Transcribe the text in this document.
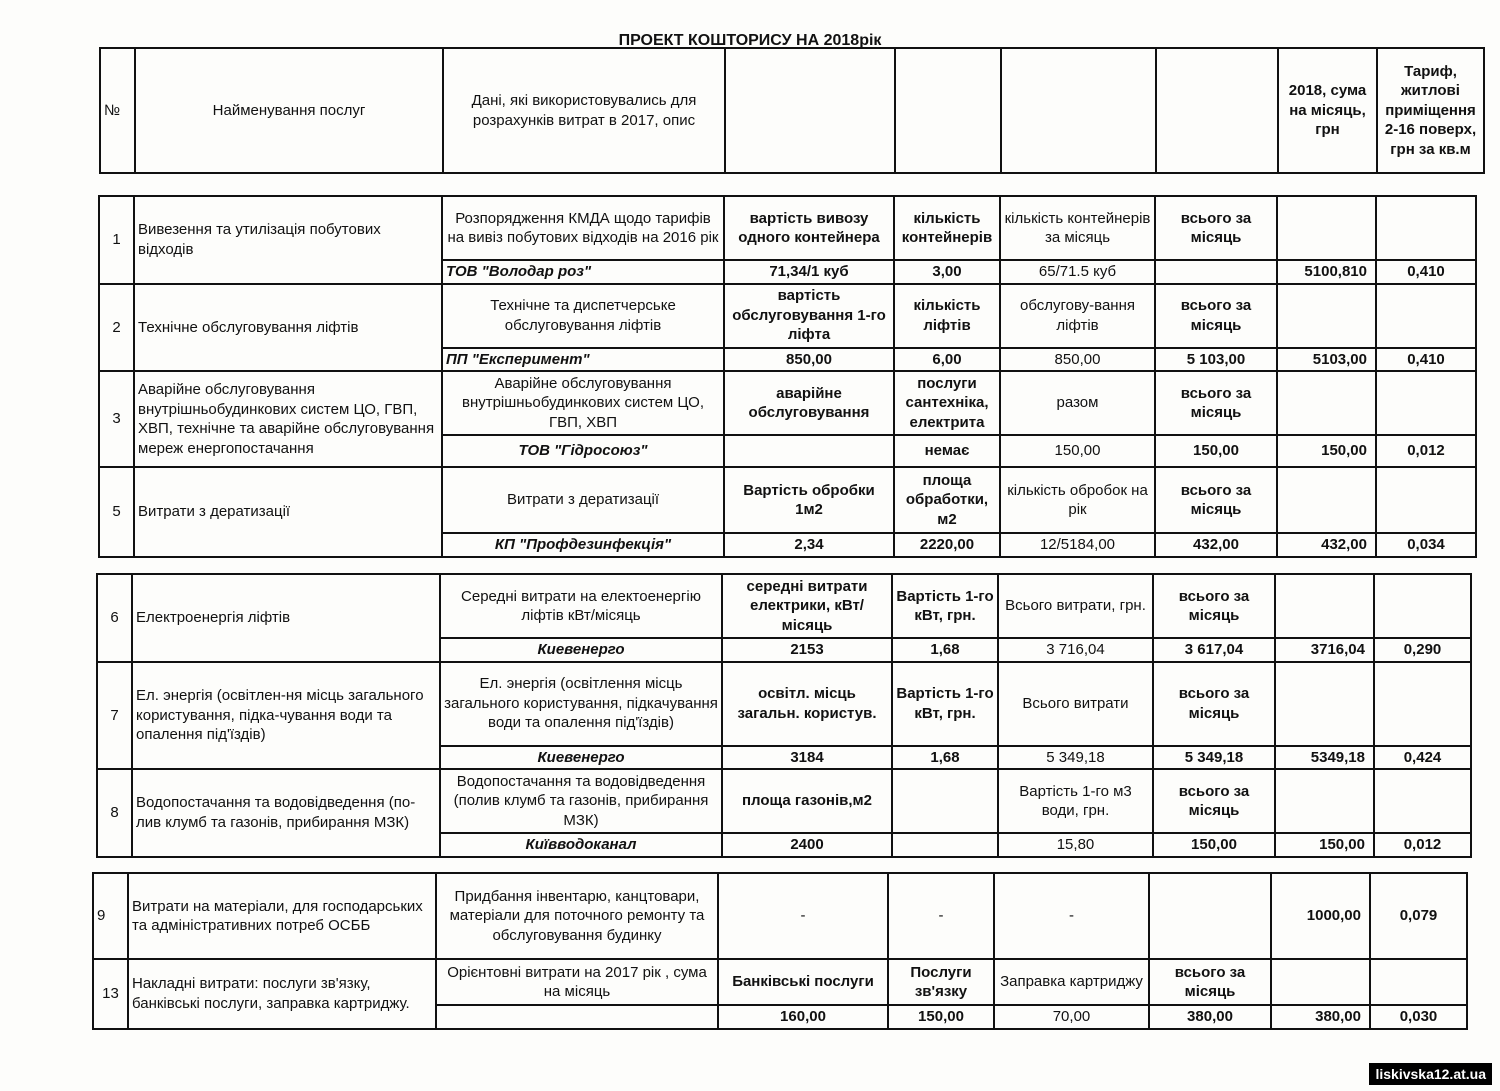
ПРОЕКТ КОШТОРИСУ НА 2018рік
№	Найменування послуг	Дані, які використовувались для розрахунків витрат в 2017, опис					2018, сума на місяць, грн	Тариф, житлові приміщення 2-16 поверх, грн за кв.м
1	Вивезення та утилізація побутових відходів	Розпорядження КМДА щодо тарифів на вивіз побутових відходів на 2016 рік	вартість вивозу одного контейнера	кількість контейнерів	кількість контейнерів за місяць	всього за місяць		
		ТОВ "Володар роз"	71,34/1 куб	3,00	65/71.5 куб		5100,810	0,410
2	Технічне обслуговування ліфтів	Технічне та диспетчерське обслуговування ліфтів	вартість обслуговування 1-го ліфта	кількість ліфтів	обслугову-вання ліфтів	всього за місяць		
		ПП "Експеримент"	850,00	6,00	850,00	5 103,00	5103,00	0,410
3	Аварійне обслуговування внутрішньобудинкових систем ЦО, ГВП, ХВП, технічне та аварійне обслуговування мереж енергопостачання	Аварійне обслуговування внутрішньобудинкових систем ЦО, ГВП, ХВП	аварійне обслуговування	послуги сантехніка, електрита	разом	всього за місяць		
		ТОВ "Гідросоюз"		немає	150,00	150,00	150,00	0,012
5	Витрати з дератизації	Витрати з дератизації	Вартість обробки 1м2	площа обработки, м2	кількість обробок на рік	всього за місяць		
		КП "Профдезинфекція"	2,34	2220,00	12/5184,00	432,00	432,00	0,034
6	Електроенергія ліфтів	Середні витрати на електоенергію ліфтів кВт/місяць	середні витрати електрики, кВт/місяць	Вартість 1-го кВт, грн.	Всього витрати, грн.	всього за місяць		
		Киевенерго	2153	1,68	3 716,04	3 617,04	3716,04	0,290
7	Ел. энергія (освітлен-ня місць загального користування, підка-чування води та опалення під'їздів)	Ел. энергія (освітлення місць загального користування, підкачування води та опалення під'їздів)	освітл. місць загальн. користув.	Вартість 1-го кВт, грн.	Всього витрати	всього за місяць		
		Киевенерго	3184	1,68	5 349,18	5 349,18	5349,18	0,424
8	Водопостачання та водовідведення (по-лив клумб та газонів, прибирання МЗК)	Водопостачання та водовідведення (полив клумб та газонів, прибирання МЗК)	площа газонів,м2		Вартість 1-го м3 води, грн.	всього за місяць		
		Київводоканал	2400		15,80	150,00	150,00	0,012
9	Витрати на матеріали, для господарських та адміністративних потреб ОСББ	Придбання інвентарю, канцтовари, матеріали для поточного ремонту та обслуговування будинку	-	-	-		1000,00	0,079
13	Накладні витрати: послуги зв'язку, банківські послуги, заправка картриджу.	Орієнтовні витрати на 2017 рік , сума на місяць	Банківські послуги	Послуги зв'язку	Заправка картриджу	всього за місяць		
			160,00	150,00	70,00	380,00	380,00	0,030
liskivska12.at.ua
